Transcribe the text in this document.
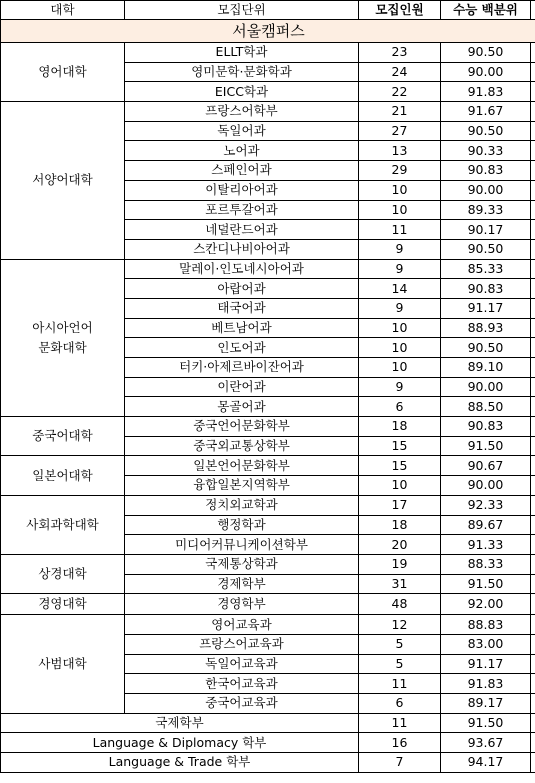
대학	모집단위	모집인원	수능 백분위	
서울캠퍼스				

영어대학	ELLT학과	23	90.50	
	영미문학·문화학과	24	90.00	
	EICC학과	22	91.83	

서양어대학	프랑스어학부	21	91.67	
	독일어과	27	90.50	
	노어과	13	90.33	
	스페인어과	29	90.83	
	이탈리아어과	10	90.00	
	포르투갈어과	10	89.33	
	네덜란드어과	11	90.17	
	스칸디나비아어과	9	90.50	

아시아언어
문화대학	말레이·인도네시아어과	9	85.33	
	아랍어과	14	90.83	
	태국어과	9	91.17	
	베트남어과	10	88.93	
	인도어과	10	90.50	
	터키·아제르바이잔어과	10	89.10	
	이란어과	9	90.00	
	몽골어과	6	88.50	

중국어대학	중국언어문화학부	18	90.83	
	중국외교통상학부	15	91.50	

일본어대학	일본언어문화학부	15	90.67	
	융합일본지역학부	10	90.00	

사회과학대학	정치외교학과	17	92.33	
	행정학과	18	89.67	
	미디어커뮤니케이션학부	20	91.33	

상경대학	국제통상학과	19	88.33	
	경제학부	31	91.50	

경영대학	경영학부	48	92.00	

사범대학	영어교육과	12	88.83	
	프랑스어교육과	5	83.00	
	독일어교육과	5	91.17	
	한국어교육과	11	91.83	
	중국어교육과	6	89.17	
국제학부		11	91.50	
Language & Diplomacy 학부		16	93.67	
Language & Trade 학부		7	94.17	
